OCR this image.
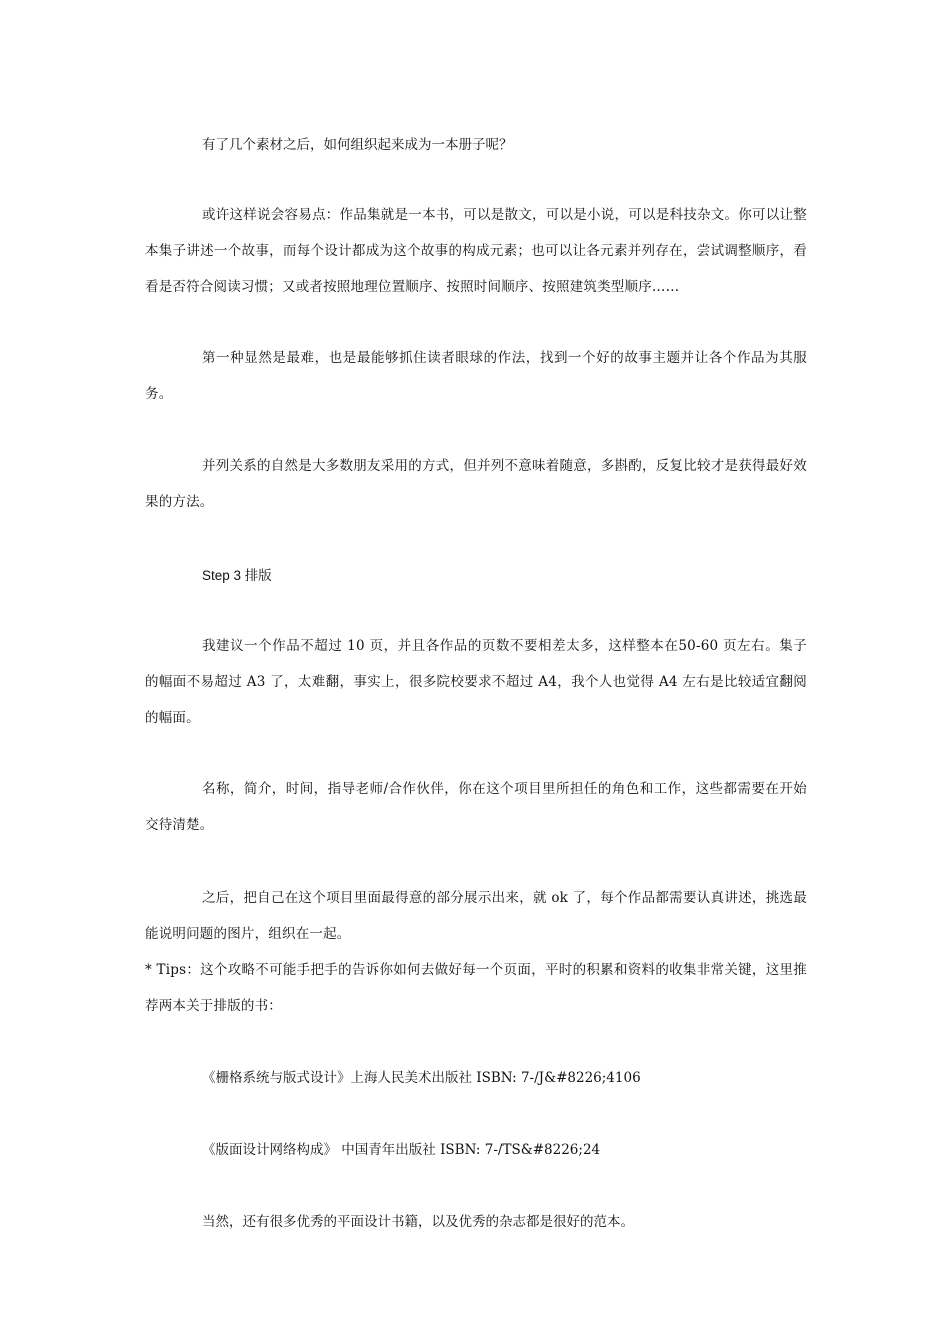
有了几个素材之后，如何组织起来成为一本册子呢？

或许这样说会容易点：作品集就是一本书，可以是散文，可以是小说，可以是科技杂文。你可以让整本集子讲述一个故事，而每个设计都成为这个故事的构成元素；也可以让各元素并列存在，尝试调整顺序，看看是否符合阅读习惯；又或者按照地理位置顺序、按照时间顺序、按照建筑类型顺序……

第一种显然是最难，也是最能够抓住读者眼球的作法，找到一个好的故事主题并让各个作品为其服务。

并列关系的自然是大多数朋友采用的方式，但并列不意味着随意，多斟酌，反复比较才是获得最好效果的方法。

Step 3 排版

我建议一个作品不超过 10 页，并且各作品的页数不要相差太多，这样整本在50-60 页左右。集子的幅面不易超过 A3 了，太难翻，事实上，很多院校要求不超过 A4，我个人也觉得 A4 左右是比较适宜翻阅的幅面。

名称，简介，时间，指导老师/合作伙伴，你在这个项目里所担任的角色和工作，这些都需要在开始交待清楚。

之后，把自己在这个项目里面最得意的部分展示出来，就 ok 了，每个作品都需要认真讲述，挑选最能说明问题的图片，组织在一起。

* Tips：这个攻略不可能手把手的告诉你如何去做好每一个页面，平时的积累和资料的收集非常关键，这里推荐两本关于排版的书：

《栅格系统与版式设计》上海人民美术出版社 ISBN: 7-/J&#8226;4106

《版面设计网络构成》 中国青年出版社 ISBN: 7-/TS&#8226;24

当然，还有很多优秀的平面设计书籍，以及优秀的杂志都是很好的范本。
